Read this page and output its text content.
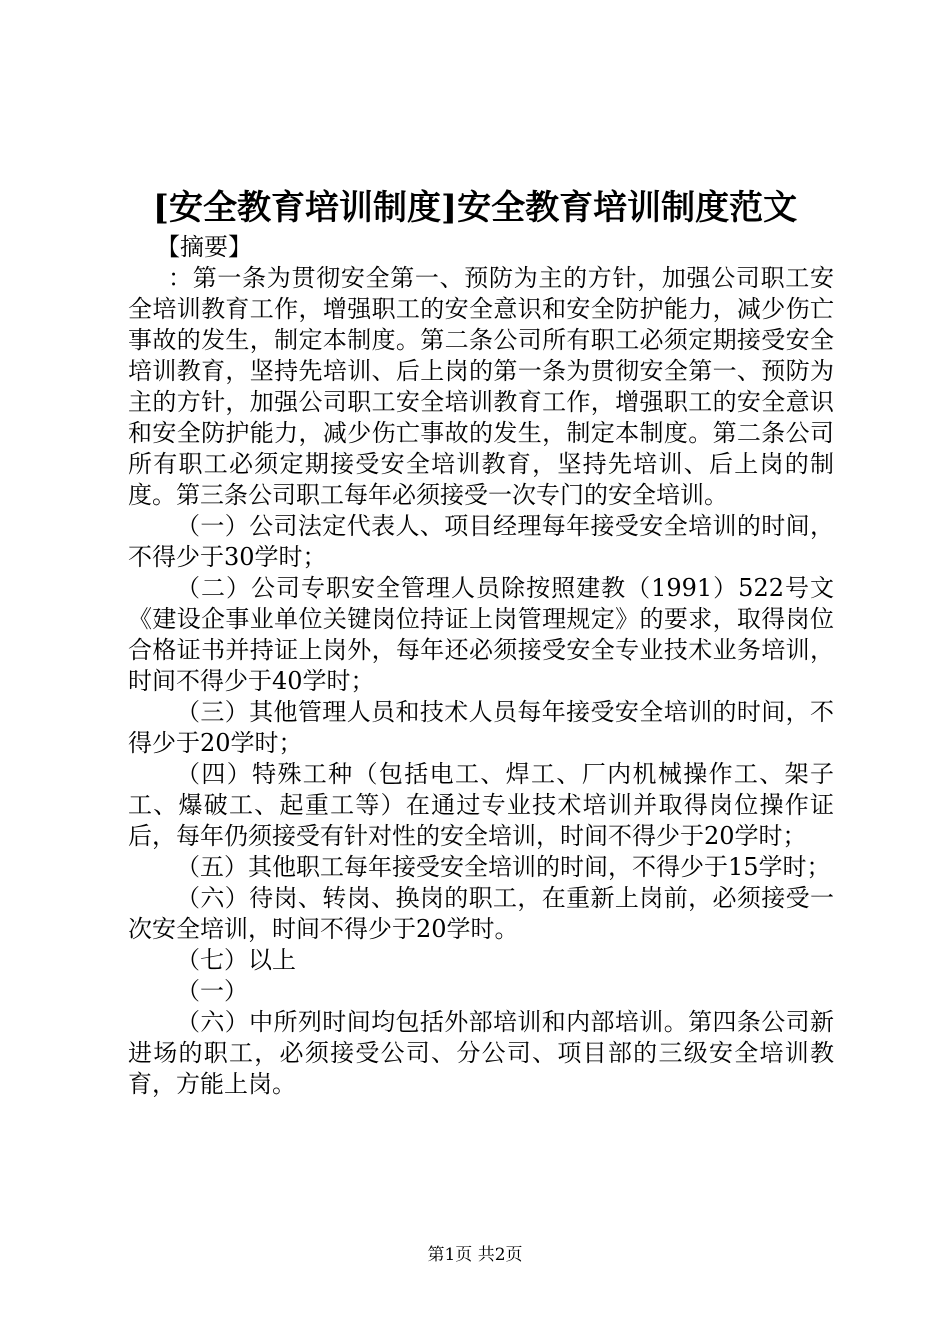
[安全教育培训制度]安全教育培训制度范文

【摘要】

：第一条为贯彻安全第一、预防为主的方针，加强公司职工安全培训教育工作，增强职工的安全意识和安全防护能力，减少伤亡事故的发生，制定本制度。第二条公司所有职工必须定期接受安全培训教育，坚持先培训、后上岗的第一条为贯彻安全第一、预防为主的方针，加强公司职工安全培训教育工作，增强职工的安全意识和安全防护能力，减少伤亡事故的发生，制定本制度。第二条公司所有职工必须定期接受安全培训教育，坚持先培训、后上岗的制度。第三条公司职工每年必须接受一次专门的安全培训。

（一）公司法定代表人、项目经理每年接受安全培训的时间，不得少于30学时；

（二）公司专职安全管理人员除按照建教（1991）522号文《建设企事业单位关键岗位持证上岗管理规定》的要求，取得岗位合格证书并持证上岗外，每年还必须接受安全专业技术业务培训，时间不得少于40学时；

（三）其他管理人员和技术人员每年接受安全培训的时间，不得少于20学时；

（四）特殊工种（包括电工、焊工、厂内机械操作工、架子工、爆破工、起重工等）在通过专业技术培训并取得岗位操作证后，每年仍须接受有针对性的安全培训，时间不得少于20学时；

（五）其他职工每年接受安全培训的时间，不得少于15学时；

（六）待岗、转岗、换岗的职工，在重新上岗前，必须接受一次安全培训，时间不得少于20学时。

（七）以上

（一）

（六）中所列时间均包括外部培训和内部培训。第四条公司新进场的职工，必须接受公司、分公司、项目部的三级安全培训教育，方能上岗。

第1页 共2页
